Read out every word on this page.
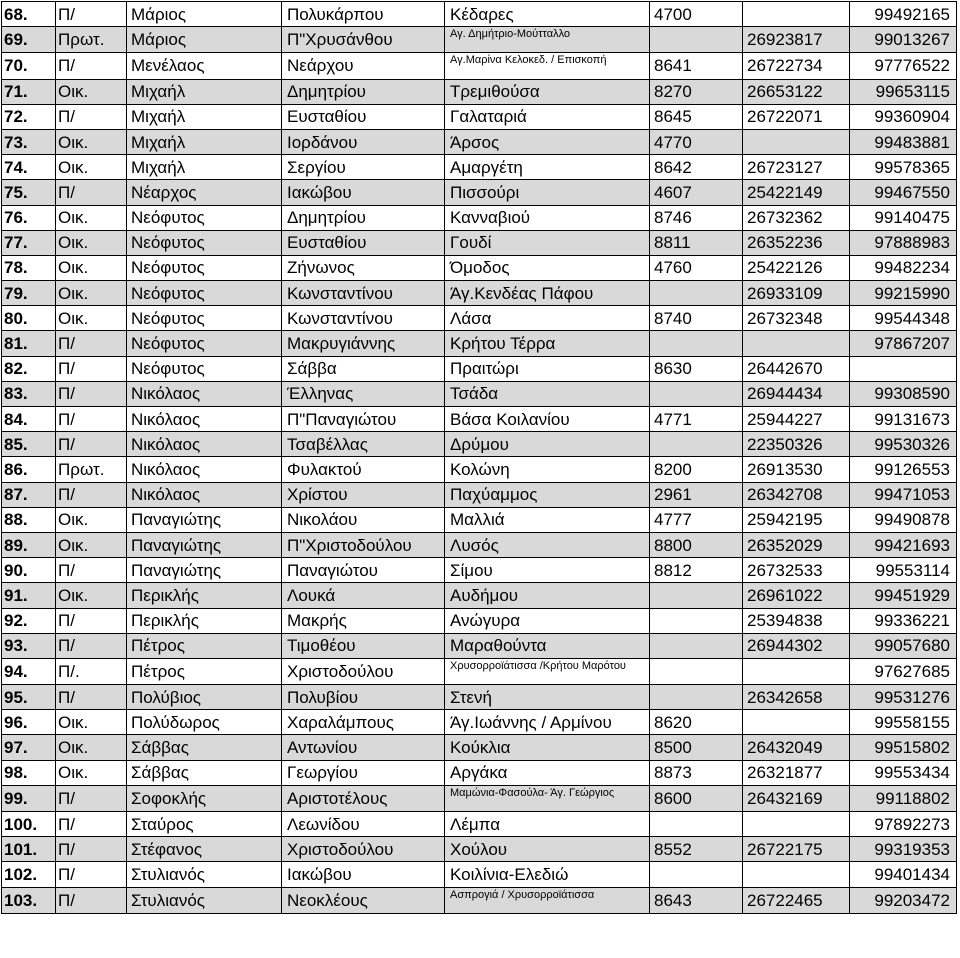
68.	Π/	Μάριος	Πολυκάρπου	Κέδαρες	4700		99492165
69.	Πρωτ.	Μάριος	Π"Χρυσάνθου	Αγ. Δημήτριο-Μούτταλλο		26923817	99013267
70.	Π/	Μενέλαος	Νεάρχου	Αγ.Μαρίνα Κελοκεδ. / Επισκοπή	8641	26722734	97776522
71.	Οικ.	Μιχαήλ	Δημητρίου	Τρεμιθούσα	8270	26653122	99653115
72.	Π/	Μιχαήλ	Ευσταθίου	Γαλαταριά	8645	26722071	99360904
73.	Οικ.	Μιχαήλ	Ιορδάνου	Άρσος	4770		99483881
74.	Οικ.	Μιχαήλ	Σεργίου	Αμαργέτη	8642	26723127	99578365
75.	Π/	Νέαρχος	Ιακώβου	Πισσούρι	4607	25422149	99467550
76.	Οικ.	Νεόφυτος	Δημητρίου	Κανναβιού	8746	26732362	99140475
77.	Οικ.	Νεόφυτος	Ευσταθίου	Γουδί	8811	26352236	97888983
78.	Οικ.	Νεόφυτος	Ζήνωνος	Όμοδος	4760	25422126	99482234
79.	Οικ.	Νεόφυτος	Κωνσταντίνου	Άγ.Κενδέας Πάφου		26933109	99215990
80.	Οικ.	Νεόφυτος	Κωνσταντίνου	Λάσα	8740	26732348	99544348
81.	Π/	Νεόφυτος	Μακρυγιάννης	Κρήτου Τέρρα			97867207
82.	Π/	Νεόφυτος	Σάββα	Πραιτώρι	8630	26442670	
83.	Π/	Νικόλαος	Έλληνας	Τσάδα		26944434	99308590
84.	Π/	Νικόλαος	Π"Παναγιώτου	Βάσα Κοιλανίου	4771	25944227	99131673
85.	Π/	Νικόλαος	Τσαβέλλας	Δρύμου		22350326	99530326
86.	Πρωτ.	Νικόλαος	Φυλακτού	Κολώνη	8200	26913530	99126553
87.	Π/	Νικόλαος	Χρίστου	Παχύαμμος	2961	26342708	99471053
88.	Οικ.	Παναγιώτης	Νικολάου	Μαλλιά	4777	25942195	99490878
89.	Οικ.	Παναγιώτης	Π"Χριστοδούλου	Λυσός	8800	26352029	99421693
90.	Π/	Παναγιώτης	Παναγιώτου	Σίμου	8812	26732533	99553114
91.	Οικ.	Περικλής	Λουκά	Αυδήμου		26961022	99451929
92.	Π/	Περικλής	Μακρής	Ανώγυρα		25394838	99336221
93.	Π/	Πέτρος	Τιμοθέου	Μαραθούντα		26944302	99057680
94.	Π/.	Πέτρος	Χριστοδούλου	Χρυσορροϊάτισσα /Κρήτου Μαρότου			97627685
95.	Π/	Πολύβιος	Πολυβίου	Στενή		26342658	99531276
96.	Οικ.	Πολύδωρος	Χαραλάμπους	Άγ.Ιωάννης / Αρμίνου	8620		99558155
97.	Οικ.	Σάββας	Αντωνίου	Κούκλια	8500	26432049	99515802
98.	Οικ.	Σάββας	Γεωργίου	Αργάκα	8873	26321877	99553434
99.	Π/	Σοφοκλής	Αριστοτέλους	Μαμώνια-Φασούλα- Άγ. Γεώργιος	8600	26432169	99118802
100.	Π/	Σταύρος	Λεωνίδου	Λέμπα			97892273
101.	Π/	Στέφανος	Χριστοδούλου	Χούλου	8552	26722175	99319353
102.	Π/	Στυλιανός	Ιακώβου	Κοιλίνια-Ελεδιώ			99401434
103.	Π/	Στυλιανός	Νεοκλέους	Ασπρογιά / Χρυσορροϊάτισσα	8643	26722465	99203472
